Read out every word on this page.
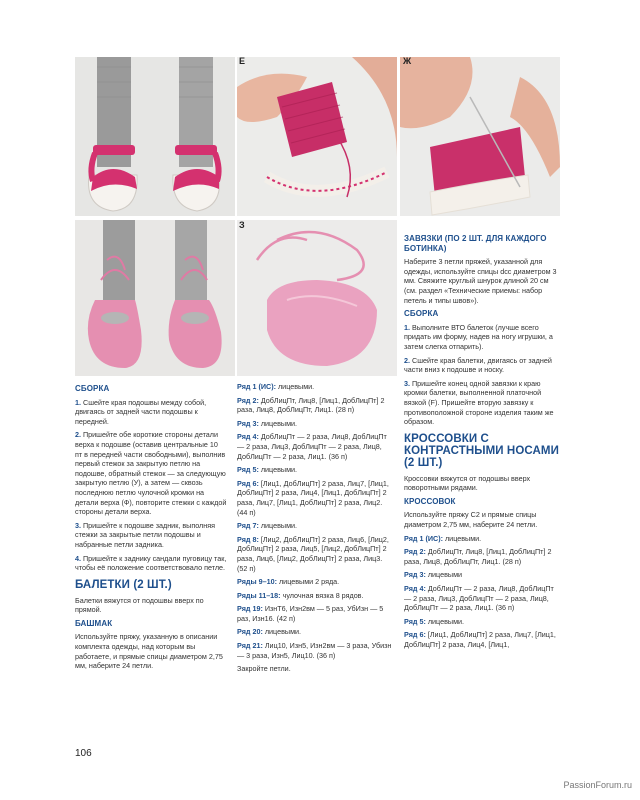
Е	Ж
З
СБОРКА

1. Сшейте края подошвы между собой, двигаясь от задней части подошвы к передней.

2. Пришейте обе короткие стороны детали верха к подошве (оставив центральные 10 пт в передней части свободными), выполнив первый стежок за закрытую петлю на подошве, обратный стежок — за следующую закрытую петлю (У), а затем — сквозь последнюю петлю чулочной кромки на детали верха (Ф), повторите стежки с каждой стороны детали верха.

3. Пришейте к подошве задник, выполняя стежки за закрытые петли подошвы и набранные петли задника.

4. Пришейте к заднику сандали пуговицу так, чтобы её положение соответствовало петле.

БАЛЕТКИ (2 ШТ.)

Балетки вяжутся от подошвы вверх по прямой.

БАШМАК

Используйте пряжу, указанную в описании комплекта одежды, над которым вы работаете, и прямые спицы диаметром 2,75 мм, наберите 24 петли.

Ряд 1 (ИС): лицевыми.

Ряд 2: ДобЛицПт, Лиц8, [Лиц1, ДобЛицПт] 2 раза, Лиц8, ДобЛицПт, Лиц1. (28 п)

Ряд 3: лицевыми.

Ряд 4: ДобЛицПт — 2 раза, Лиц8, ДобЛицПт — 2 раза, Лиц3, ДобЛицПт — 2 раза, Лиц8, ДобЛицПт — 2 раза, Лиц1. (36 п)

Ряд 5: лицевыми.

Ряд 6: [Лиц1, ДобЛицПт] 2 раза, Лиц7, [Лиц1, ДобЛицПт] 2 раза, Лиц4, [Лиц1, ДобЛицПт] 2 раза, Лиц7, [Лиц1, ДобЛицПт] 2 раза, Лиц2. (44 п)

Ряд 7: лицевыми.

Ряд 8: [Лиц2, ДобЛицПт] 2 раза, Лиц6, [Лиц2, ДобЛицПт] 2 раза, Лиц5, [Лиц2, ДобЛицПт] 2 раза, Лиц6, [Лиц2, ДобЛицПт] 2 раза, Лиц3. (52 п)

Ряды 9–10: лицевыми 2 ряда.

Ряды 11–18: чулочная вязка 8 рядов.

Ряд 19: ИзнТ6, Изн2вм — 5 раз, УбИзн — 5 раз, Изн16. (42 п)

Ряд 20: лицевыми.

Ряд 21: Лиц10, Изн5, Изн2вм — 3 раза, Убизн — 3 раза, Изн5, Лиц10. (36 п)

Закройте петли.

ЗАВЯЗКИ (ПО 2 ШТ. ДЛЯ КАЖДОГО БОТИНКА)

Наберите 3 петли пряжей, указанной для одежды, используйте спицы dcc диаметром 3 мм. Свяжите круглый шнурок длиной 20 см (см. раздел «Технические приемы: набор петель и типы швов»).

СБОРКА

1. Выполните ВТО балеток (лучше всего придать им форму, надев на ногу игрушки, а затем слегка отпарить).

2. Сшейте края балетки, двигаясь от задней части вниз к подошве и носку.

3. Пришейте конец одной завязки к краю кромки балетки, выполненной платочной вязкой (F). Пришейте вторую завязку к противоположной стороне изделия таким же образом.

КРОССОВКИ С КОНТРАСТНЫМИ НОСАМИ (2 ШТ.)

Кроссовки вяжутся от подошвы вверх поворотными рядами.

КРОССОВОК

Используйте пряжу C2 и прямые спицы диаметром 2,75 мм, наберите 24 петли.

Ряд 1 (ИС): лицевыми.

Ряд 2: ДобЛицПт, Лиц8, [Лиц1, ДобЛицПт] 2 раза, Лиц8, ДобЛицПт, Лиц1. (28 п)

Ряд 3: лицевыми

Ряд 4: ДобЛицПт — 2 раза, Лиц8, ДобЛицПт — 2 раза, Лиц3, ДобЛицПт — 2 раза, Лиц8, ДобЛицПт — 2 раза, Лиц1. (36 п)

Ряд 5: лицевыми.

Ряд 6: [Лиц1, ДобЛицПт] 2 раза, Лиц7, [Лиц1, ДобЛицПт] 2 раза, Лиц4, [Лиц1,

106
PassionForum.ru
